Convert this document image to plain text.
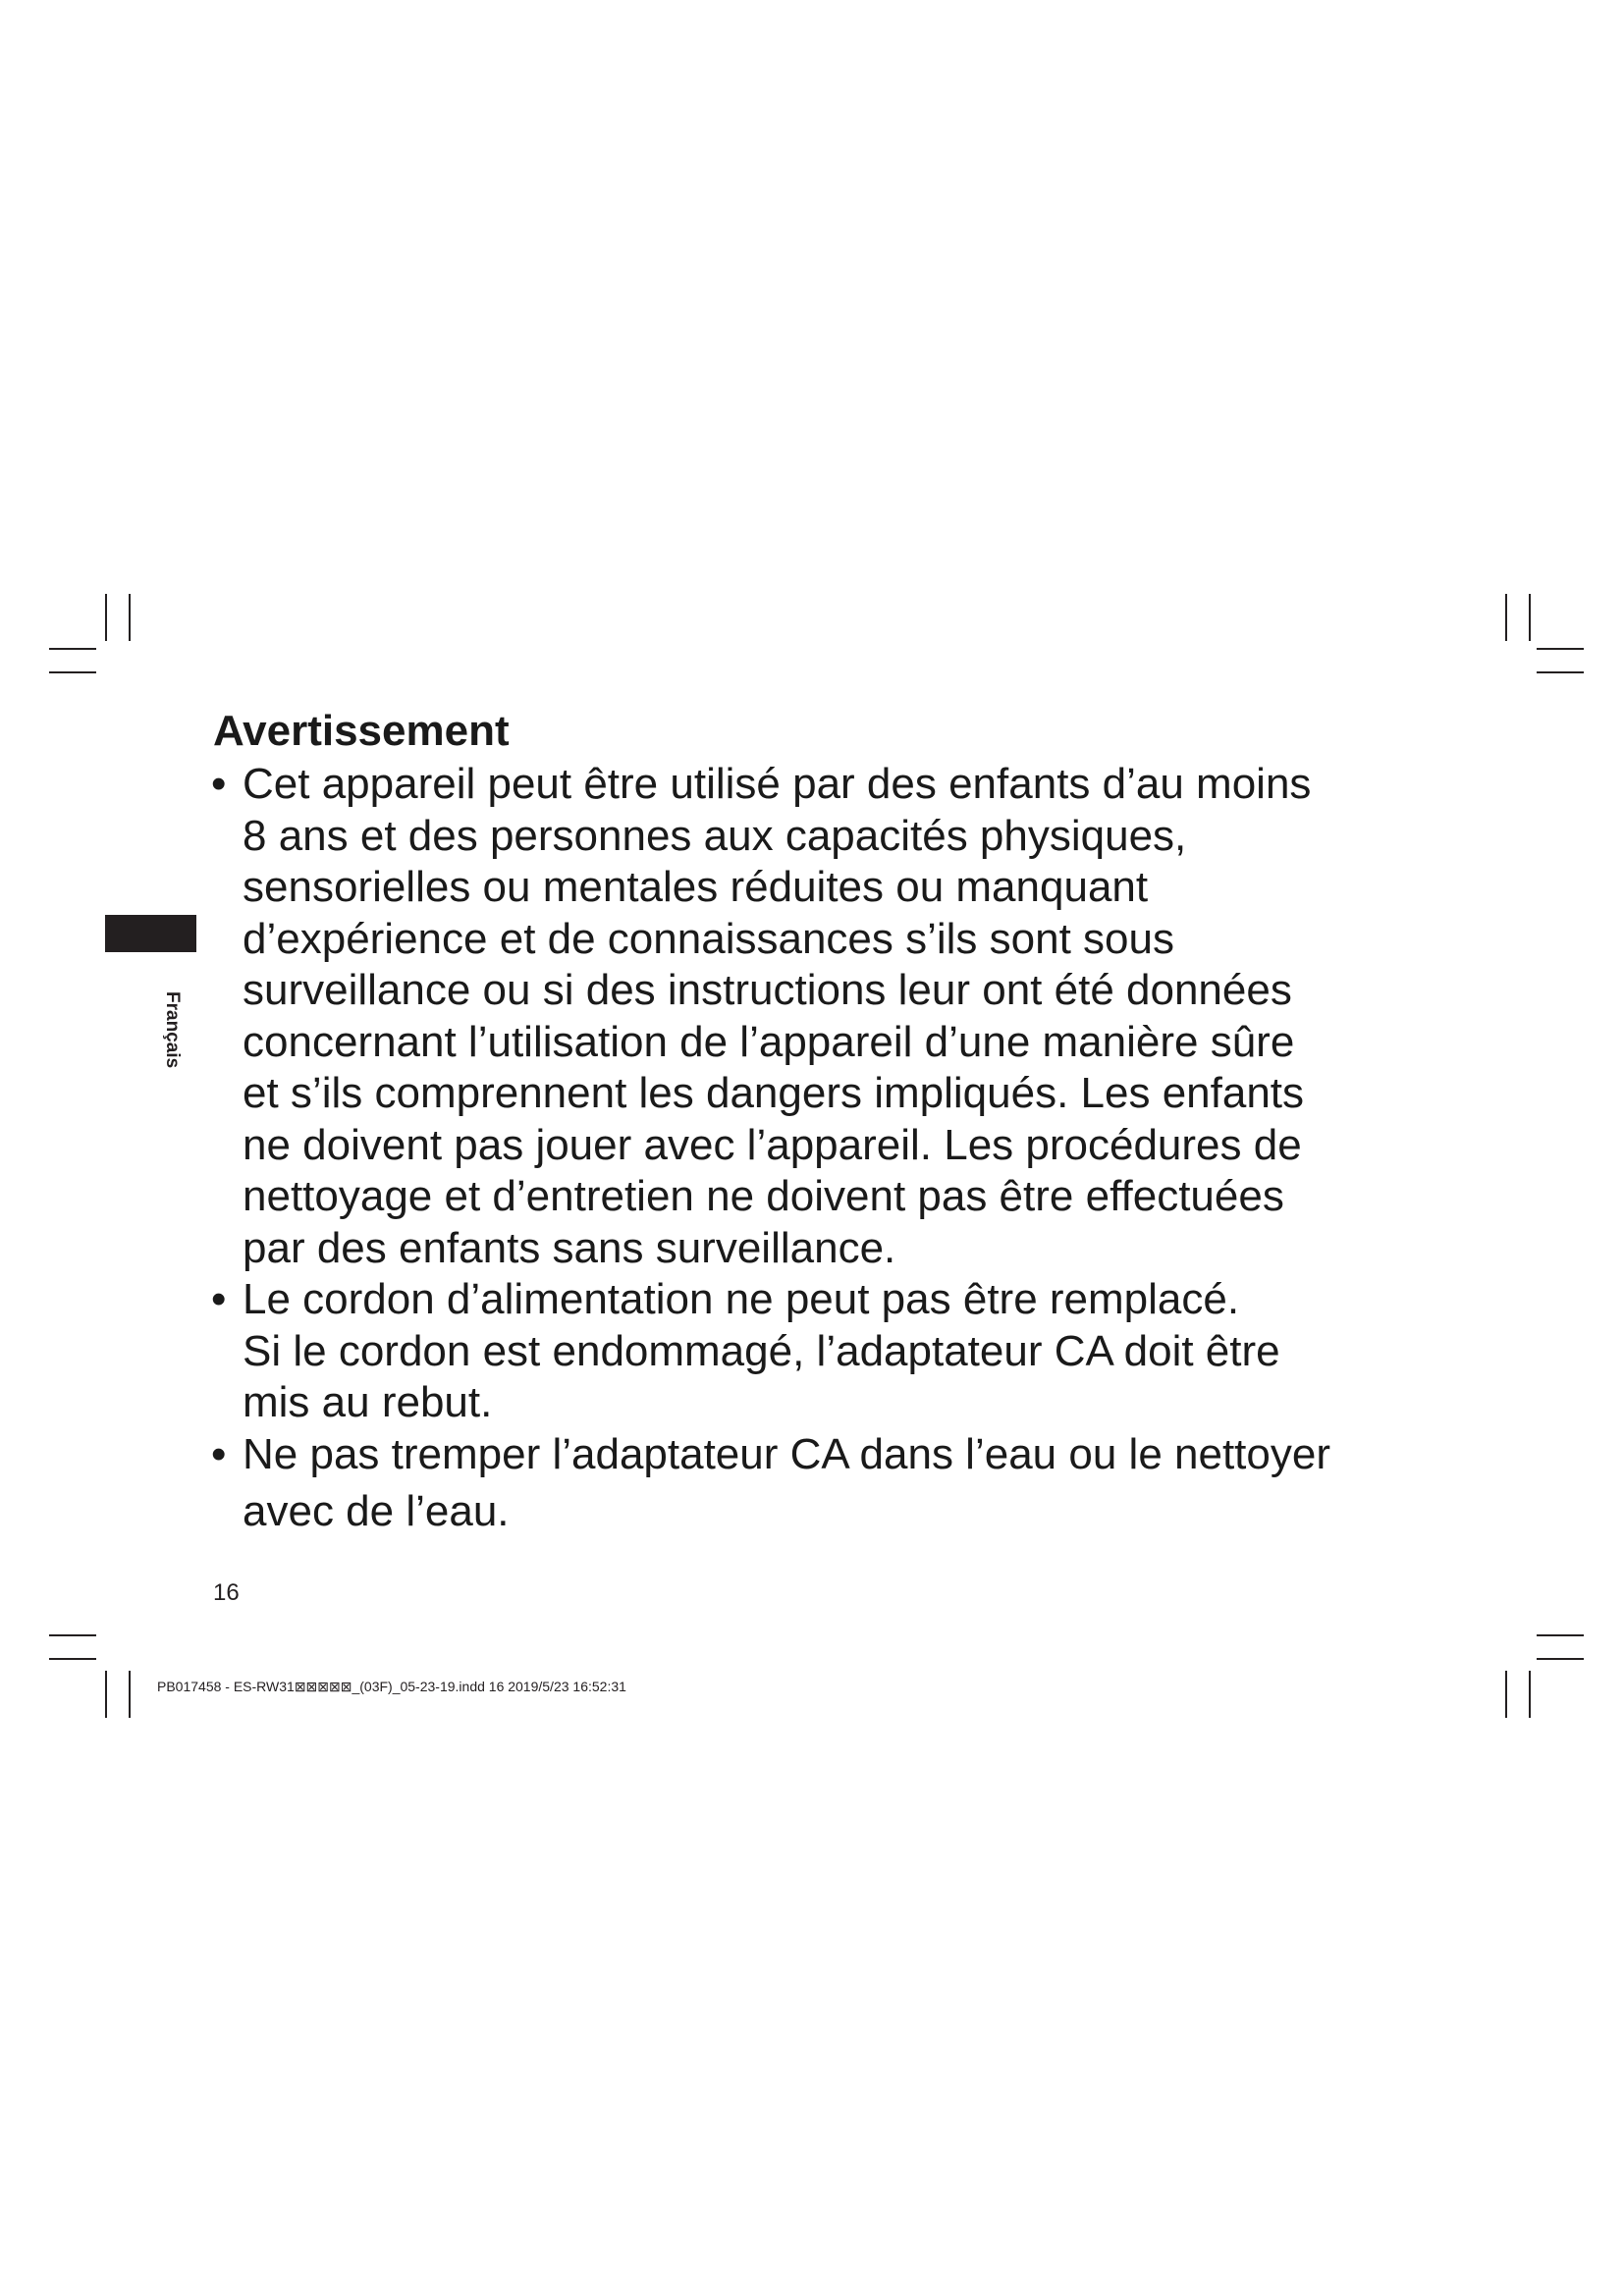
Français
Avertissement
• Cet appareil peut être utilisé par des enfants d’au moins
8 ans et des personnes aux capacités physiques,
sensorielles ou mentales réduites ou manquant
d’expérience et de connaissances s’ils sont sous
surveillance ou si des instructions leur ont été données
concernant l’utilisation de l’appareil d’une manière sûre
et s’ils comprennent les dangers impliqués. Les enfants
ne doivent pas jouer avec l’appareil. Les procédures de
nettoyage et d’entretien ne doivent pas être effectuées
par des enfants sans surveillance.
• Le cordon d’alimentation ne peut pas être remplacé.
Si le cordon est endommagé, l’adaptateur CA doit être
mis au rebut.
• Ne pas tremper l’adaptateur CA dans l’eau ou le nettoyer
avec de l’eau.
16
PB017458 - ES-RW31⊠⊠⊠⊠⊠_(03F)_05-23-19.indd 16 2019/5/23 16:52:31
